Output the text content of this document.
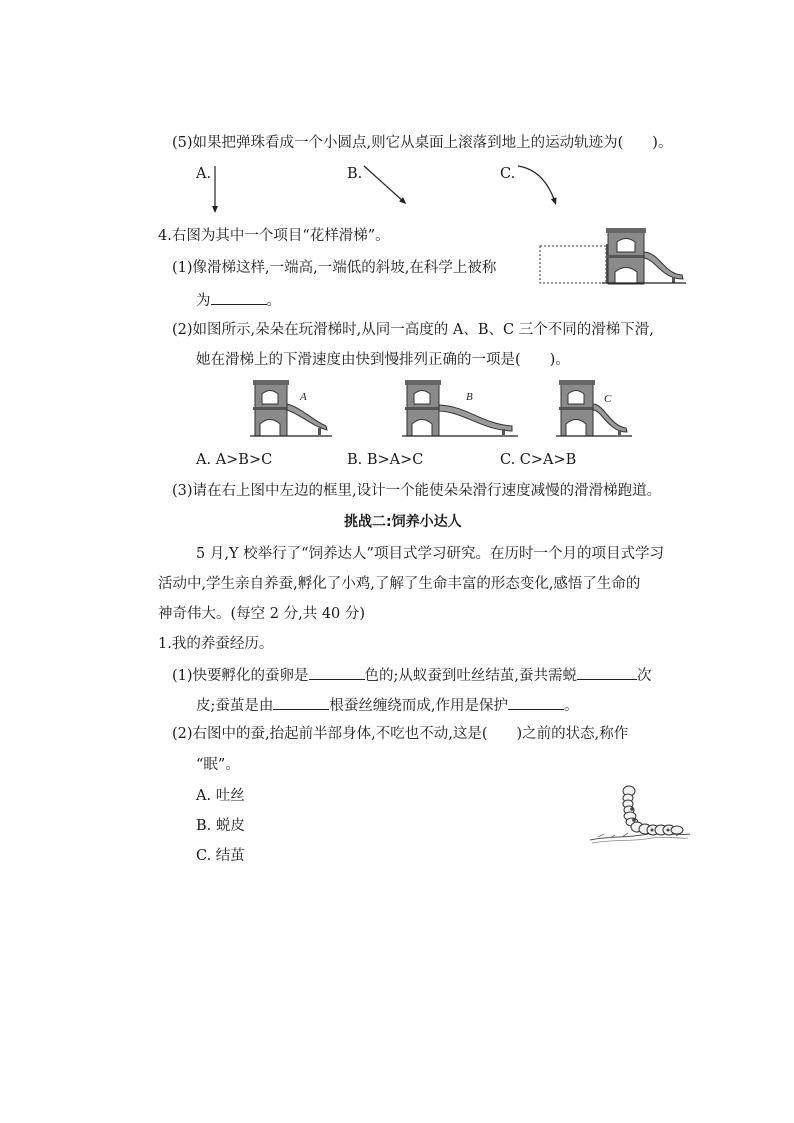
(5)如果把弹珠看成一个小圆点,则它从桌面上滚落到地上的运动轨迹为(　　)。
A.	B.	C.
4.右图为其中一个项目“花样滑梯”。
(1)像滑梯这样,一端高,一端低的斜坡,在科学上被称
为	。
(2)如图所示,朵朵在玩滑梯时,从同一高度的 A、B、C 三个不同的滑梯下滑,
她在滑梯上的下滑速度由快到慢排列正确的一项是(　　)。
A	B	C
A. A>B>C	B. B>A>C	C. C>A>B
(3)请在右上图中左边的框里,设计一个能使朵朵滑行速度减慢的滑滑梯跑道。
挑战二:饲养小达人
5 月,Y 校举行了“饲养达人”项目式学习研究。在历时一个月的项目式学习
活动中,学生亲自养蚕,孵化了小鸡,了解了生命丰富的形态变化,感悟了生命的
神奇伟大。(每空 2 分,共 40 分)
1.我的养蚕经历。
(1)快要孵化的蚕卵是	色的;从蚁蚕到吐丝结茧,蚕共需蜕	次
皮;蚕茧是由	根蚕丝缠绕而成,作用是保护	。
(2)右图中的蚕,抬起前半部身体,不吃也不动,这是(　　)之前的状态,称作
“眠”。
A. 吐丝
B. 蜕皮
C. 结茧
